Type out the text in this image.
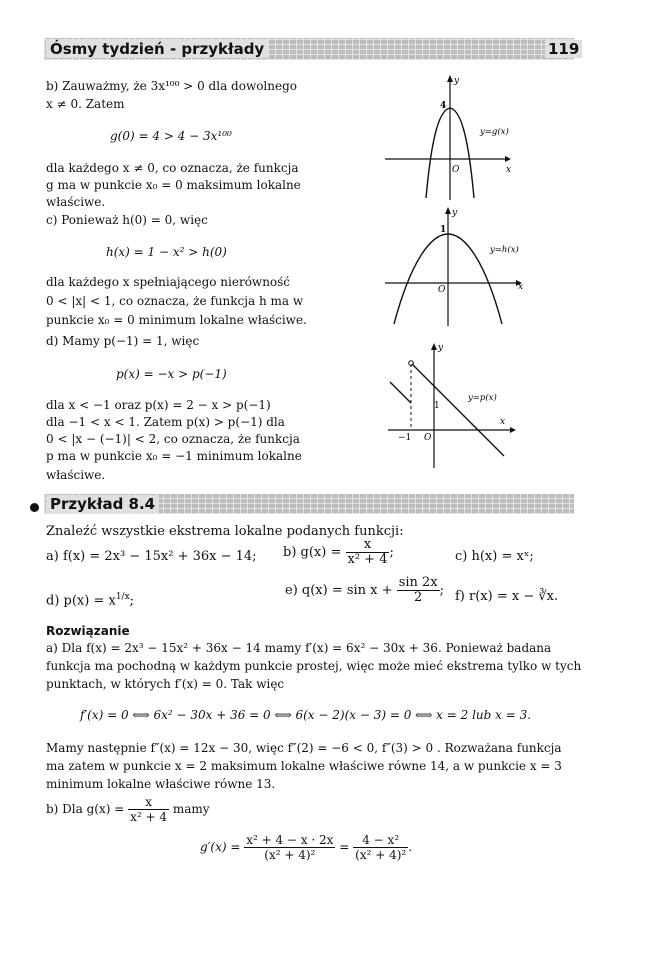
Ósmy tydzień - przykłady	119
b) Zauważmy, że 3x¹⁰⁰ > 0 dla dowolnego
x ≠ 0. Zatem
g(0) = 4 > 4 − 3x¹⁰⁰
dla każdego x ≠ 0, co oznacza, że funkcja
g ma w punkcie x₀ = 0 maksimum lokalne
właściwe.
c) Ponieważ h(0) = 0, więc
h(x) = 1 − x² > h(0)
dla każdego x spełniającego nierówność
0 < |x| < 1, co oznacza, że funkcja h ma w
punkcie x₀ = 0 minimum lokalne właściwe.
d) Mamy p(−1) = 1, więc
p(x) = −x > p(−1)
dla x < −1 oraz p(x) = 2 − x > p(−1)
dla −1 < x < 1. Zatem p(x) > p(−1) dla
0 < |x − (−1)| < 2, co oznacza, że funkcja
p ma w punkcie x₀ = −1 minimum lokalne
właściwe.
y
x
O
4
y=g(x)
y
x
O
1
y=h(x)
y
x
O
1
−1
y=p(x)
Przykład 8.4
Znaleźć wszystkie ekstrema lokalne podanych funkcji:
a) f(x) = 2x³ − 15x² + 36x − 14; b) $g(x) = \frac{x}{\text{x² + 4}}$ ;	c) h(x) = xˣ;
d) $p(x) = x^{1/x}$;
e) $q(x) = \sin x + \frac{\sin 2x}{2}$ ; f) r(x) = x − ∛x.
Rozwiązanie
a) Dla f(x) = 2x³ − 15x² + 36x − 14 mamy f′(x) = 6x² − 30x + 36. Ponieważ badana
funkcja ma pochodną w każdym punkcie prostej, więc może mieć ekstrema tylko w tych
punktach, w których f′(x) = 0. Tak więc
f′(x) = 0 ⟺ 6x² − 30x + 36 = 0 ⟺ 6(x − 2)(x − 3) = 0 ⟺ x = 2 lub x = 3.
Mamy następnie f″(x) = 12x − 30, więc f″(2) = −6 < 0, f″(3) > 0 . Rozważana funkcja
ma zatem w punkcie x = 2 maksimum lokalne właściwe równe 14, a w punkcie x = 3
minimum lokalne właściwe równe 13.
b) Dla $g(x) = \frac{x}{\text{x² + 4}}$ mamy
$g'(x) = \frac{\text{x² + 4 − x · 2x}}{\text{(x² + 4)²}} = \frac{\text{4 − x²}}{\text{(x² + 4)²}}$ .
